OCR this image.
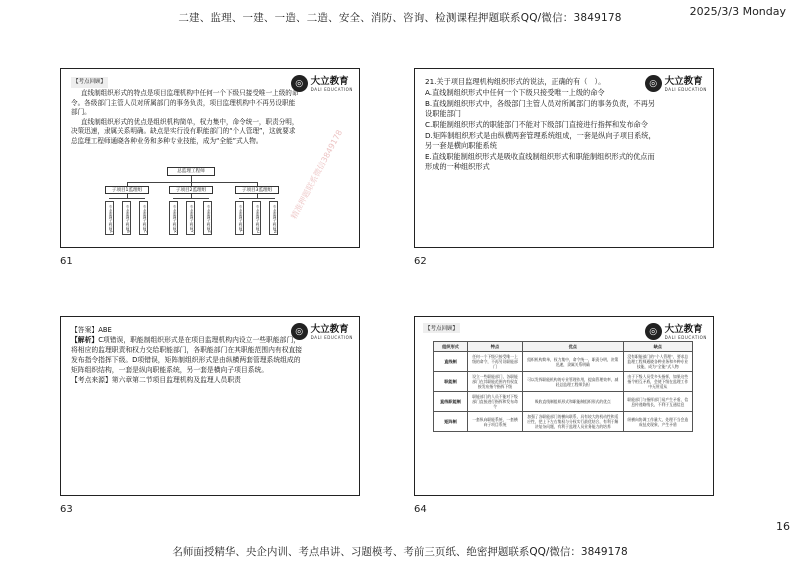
二建、监理、一建、一造、二造、安全、消防、咨询、检测课程押题联系QQ/微信：3849178	2025/3/3 Monday
名师面授精华、央企内训、考点串讲、习题模考、考前三页纸、绝密押题联系QQ/微信：3849178
16
◎ 大立教育
DALI EDUCATION

【考点回顾】

直线制组织形式的特点是项目监理机构中任何一个下级只接受唯一上级的命令。各级部门主管人员对所属部门的事务负责，项目监理机构中不再另设职能部门。

直线制组织形式的优点是组织机构简单，权力集中，命令统一，职责分明，决策迅速，隶属关系明确。缺点是实行没有职能部门的“个人管理”，这就要求总监理工程师通晓各种业务和多种专业技能，成为“全能”式人物。

总监理工程师
子项目1监理组	子项目2监理组	子项目3监理组
专业监理工程师A	专业监理工程师B	专业监理工程师C	专业监理工程师X	专业监理工程师Y	专业监理工程师Z	专业监理工程师L	专业监理工程师U	专业监理工程师N 精准押题联系微信3849178
61
◎ 大立教育
DALI EDUCATION

21.关于项目监理机构组织形式的说法，正确的有（　）。

A.直线制组织形式中任何一个下级只接受唯一上级的命令

B.直线制组织形式中，各级部门主管人员对所属部门的事务负责，不再另设职能部门

C.职能制组织形式的职能部门不能对下级部门直接进行指挥和发布命令

D.矩阵制组织形式是由纵横两套管理系统组成，一套是纵向子项目系统，另一套是横向职能系统

E.直线职能制组织形式是吸收直线制组织形式和职能制组织形式的优点而形成的一种组织形式

62
◎ 大立教育
DALI EDUCATION

【答案】ABE

【解析】C项错误，职能制组织形式是在项目监理机构内设立一些职能部门，将相应的监理职责和权力交给职能部门，各职能部门在其职能范围内有权直接发布指令指挥下级。D项错误，矩阵制组织形式是由纵横两套管理系统组成的矩阵组织结构，一套是纵向职能系统，另一套是横向子项目系统。

【考点来源】第六章第二节项目监理机构及监理人员职责

63
◎ 大立教育
DALI EDUCATION
【考点回顾】
组织形式	特点	优点	缺点
直线制	任何一个下级只接受唯一上级的命令，不再另设职能部门	组织机构简单，权力集中，命令统一，职责分明，决策迅速，隶属关系明确	没有职能部门的“个人管理”，要求总监理工程师通晓各种业务和多种专业技能，成为“全能”式人物
职能制	设立一些职能部门，各职能部门在其职能范围内有权直接发布指令指挥下级	可以发挥职能机构的专业管理作用，提高管理效率，减轻总监理工程师负担	由于下级人员受多头指挥，如果这些指令相互矛盾，会使下级在监理工作中无所适从
直线职能制	职能部门的人员不能对下级部门直接进行指挥和发布命令	吸收直线制组织形式和职能制组织形式的优点	职能部门与指挥部门易产生矛盾，信息传递路线长，不利于互通信息
矩阵制	一套纵向职能系统，一套横向子项目系统	加强了各职能部门的横向联系，具有较大的机动性和适应性，把上下左右集权与分权实行最优结合，有利于解决复杂问题，有利于监理人员业务能力的培养	纵横向协调工作量大，处理不当会造成扯皮现象，产生矛盾
64
